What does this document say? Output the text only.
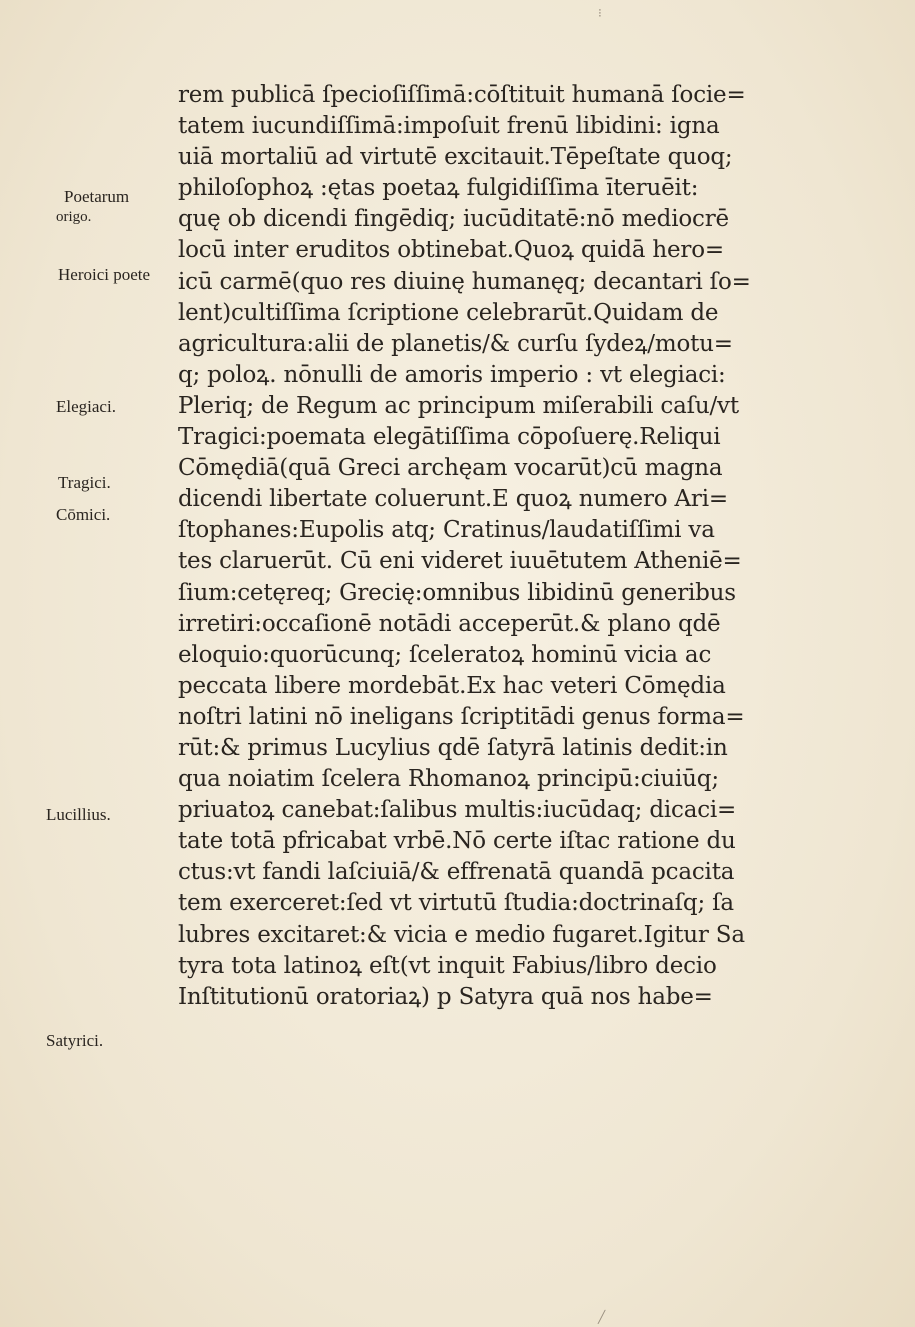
rem publicā ſpecioſiſſimā:cōſtituit humanā ſocie=
tatem iucundiſſimā:impoſuit frenū libidini: igna
uiā mortaliū ad virtutē excitauit.Tēpeſtate quoq;
philoſophoꝝ :ętas poetaꝝ fulgidiſſima īteruēit:
quę ob dicendi fingēdiq; iucūditatē:nō mediocrē
locū inter eruditos obtinebat.Quoꝝ quidā hero=
icū carmē(quo res diuinę humanęq; decantari ſo=
lent)cultiſſima ſcriptione celebrarūt.Quidam de
agricultura:alii de planetis/& curſu ſydeꝝ/motu=
q; poloꝝ. nōnulli de amoris imperio : vt elegiaci:
Pleriq; de Regum ac principum miſerabili caſu/vt
Tragici:poemata elegātiſſima cōpoſuerę.Reliqui
Cōmędiā(quā Greci archęam vocarūt)cū magna
dicendi libertate coluerunt.E quoꝝ numero Ari=
ſtophanes:Eupolis atq; Cratinus/laudatiſſimi va
tes claruerūt. Cū eni videret iuuētutem Atheniē=
ſium:cetęreq; Grecię:omnibus libidinū generibus
irretiri:occaſionē notādi acceperūt.& plano qdē
eloquio:quorūcunq; ſceleratoꝝ hominū vicia ac
peccata libere mordebāt.Ex hac veteri Cōmędia
noſtri latini nō ineligans ſcriptitādi genus forma=
rūt:& primus Lucylius qdē ſatyrā latinis dedit:in
qua noiatim ſcelera Rhomanoꝝ principū:ciuiūq;
priuatoꝝ canebat:ſalibus multis:iucūdaq; dicaci=
tate totā pfricabat vrbē.Nō certe iſtac ratione du
ctus:vt fandi laſciuiā/& effrenatā quandā pcacita
tem exerceret:ſed vt virtutū ſtudia:doctrinaſq; ſa
lubres excitaret:& vicia e medio fugaret.Igitur Sa
tyra tota latinoꝝ eſt(vt inquit Fabius/libro decio
Inſtitutionū oratoriaꝝ) p Satyra quā nos habe=
Poetarum
origo.
Heroici poete
Elegiaci.
Tragici.
Cōmici.
Lucillius.
Satyrici.
⁝
╱
